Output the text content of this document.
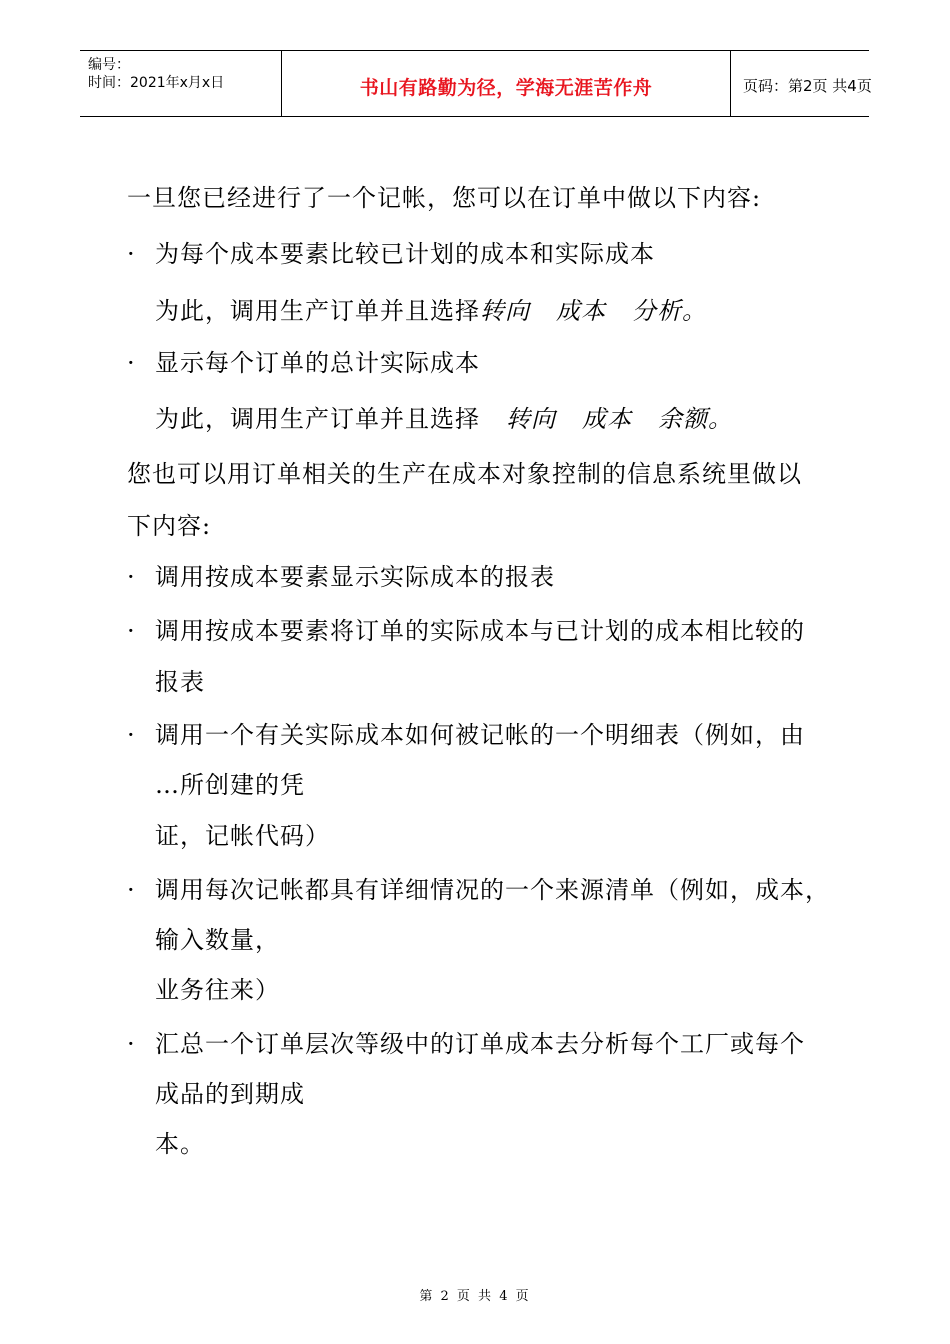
编号：
时间：2021年x月x日	书山有路勤为径，学海无涯苦作舟	页码：第2页 共4页
一旦您已经进行了一个记帐，您可以在订单中做以下内容:
· 为每个成本要素比较已计划的成本和实际成本
为此，调用生产订单并且选择转向 成本 分析。
· 显示每个订单的总计实际成本
为此，调用生产订单并且选择 转向 成本 余额。
您也可以用订单相关的生产在成本对象控制的信息系统里做以
下内容:
· 调用按成本要素显示实际成本的报表
· 调用按成本要素将订单的实际成本与已计划的成本相比较的
报表
· 调用一个有关实际成本如何被记帐的一个明细表（例如，由
…所创建的凭
证，记帐代码）
· 调用每次记帐都具有详细情况的一个来源清单（例如，成本，
输入数量，
业务往来）
· 汇总一个订单层次等级中的订单成本去分析每个工厂或每个
成品的到期成
本。
第 2 页 共 4 页
